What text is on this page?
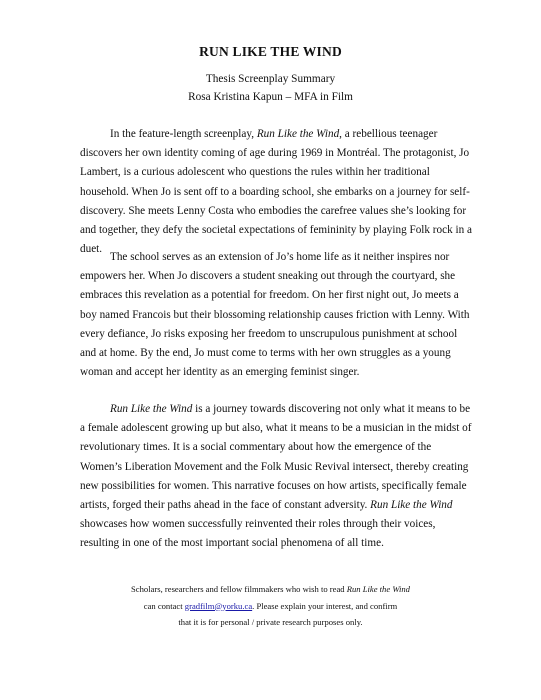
RUN LIKE THE WIND
Thesis Screenplay Summary
Rosa Kristina Kapun – MFA in Film

In the feature-length screenplay, Run Like the Wind, a rebellious teenager discovers her own identity coming of age during 1969 in Montréal. The protagonist, Jo Lambert, is a curious adolescent who questions the rules within her traditional household. When Jo is sent off to a boarding school, she embarks on a journey for self-discovery. She meets Lenny Costa who embodies the carefree values she’s looking for and together, they defy the societal expectations of femininity by playing Folk rock in a duet.

The school serves as an extension of Jo’s home life as it neither inspires nor empowers her. When Jo discovers a student sneaking out through the courtyard, she embraces this revelation as a potential for freedom. On her first night out, Jo meets a boy named Francois but their blossoming relationship causes friction with Lenny. With every defiance, Jo risks exposing her freedom to unscrupulous punishment at school and at home. By the end, Jo must come to terms with her own struggles as a young woman and accept her identity as an emerging feminist singer.

Run Like the Wind is a journey towards discovering not only what it means to be a female adolescent growing up but also, what it means to be a musician in the midst of revolutionary times. It is a social commentary about how the emergence of the Women’s Liberation Movement and the Folk Music Revival intersect, thereby creating new possibilities for women. This narrative focuses on how artists, specifically female artists, forged their paths ahead in the face of constant adversity. Run Like the Wind showcases how women successfully reinvented their roles through their voices, resulting in one of the most important social phenomena of all time.

Scholars, researchers and fellow filmmakers who wish to read Run Like the Wind
can contact gradfilm@yorku.ca. Please explain your interest, and confirm
that it is for personal / private research purposes only.
